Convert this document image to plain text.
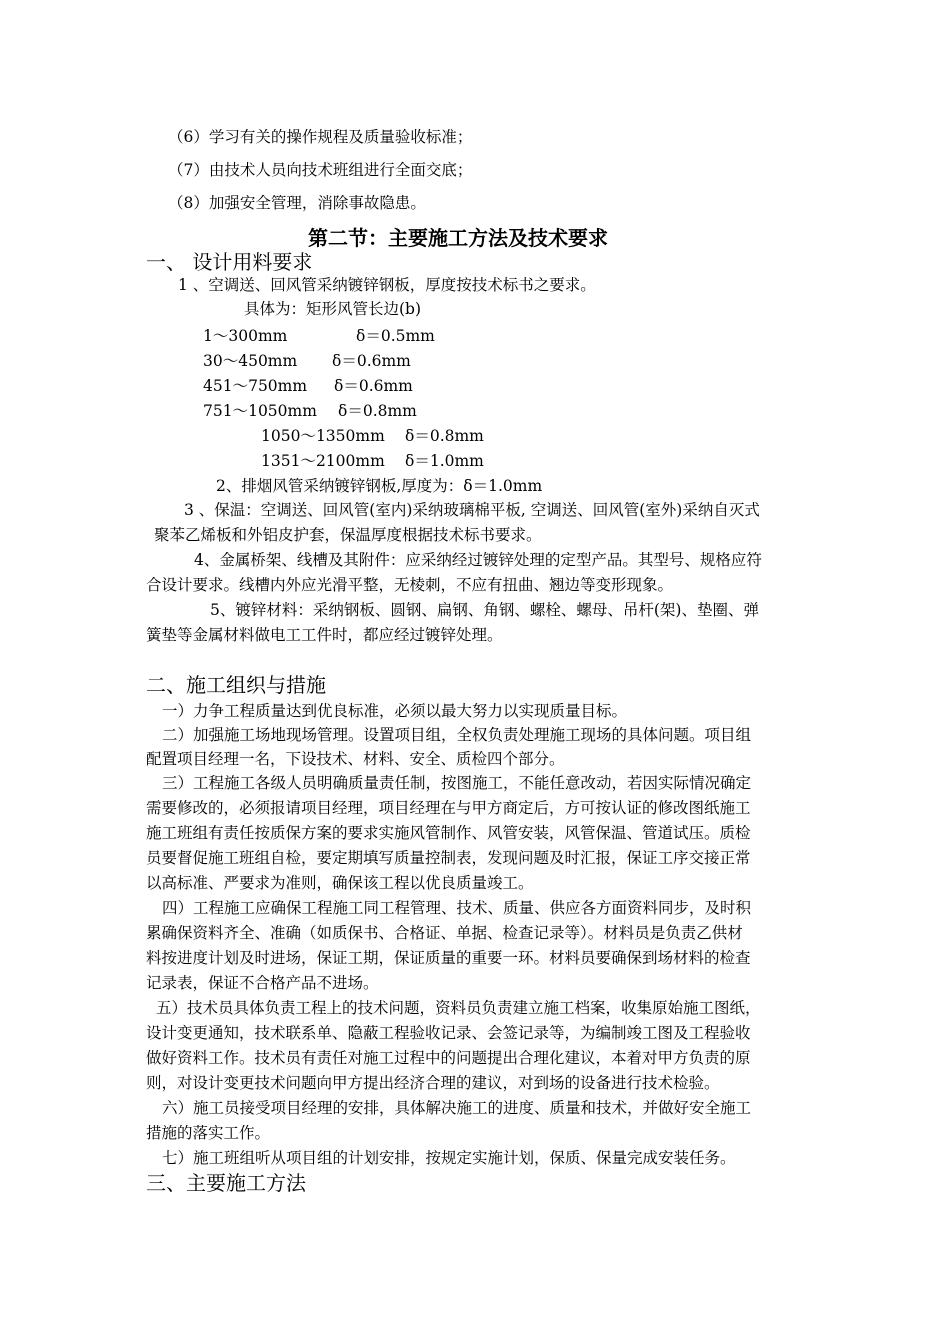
（6）学习有关的操作规程及质量验收标准；
（7）由技术人员向技术班组进行全面交底；
（8）加强安全管理，消除事故隐患。
第二节：主要施工方法及技术要求
一、 设计用料要求
1 、空调送、回风管采纳镀锌钢板，厚度按技术标书之要求。
具体为：矩形风管长边(b)
1～300mm	δ＝0.5mm
30～450mm δ＝0.6mm
451～750mm δ＝0.6mm
751～1050mm δ＝0.8mm
1050～1350mm δ＝0.8mm
1351～2100mm δ＝1.0mm
2、排烟风管采纳镀锌钢板,厚度为：δ＝1.0mm
3 、保温：空调送、回风管(室内)采纳玻璃棉平板, 空调送、回风管(室外)采纳自灭式
聚苯乙烯板和外铝皮护套，保温厚度根据技术标书要求。
4、金属桥架、线槽及其附件：应采纳经过镀锌处理的定型产品。其型号、规格应符
合设计要求。线槽内外应光滑平整，无棱刺，不应有扭曲、翘边等变形现象。
5、镀锌材料：采纳钢板、圆钢、扁钢、角钢、螺栓、螺母、吊杆(架)、垫圈、弹
簧垫等金属材料做电工工件时，都应经过镀锌处理。
二、施工组织与措施
一）力争工程质量达到优良标准，必须以最大努力以实现质量目标。
二）加强施工场地现场管理。设置项目组，全权负责处理施工现场的具体问题。项目组
配置项目经理一名，下设技术、材料、安全、质检四个部分。
三）工程施工各级人员明确质量责任制，按图施工，不能任意改动，若因实际情况确定
需要修改的，必须报请项目经理，项目经理在与甲方商定后，方可按认证的修改图纸施工
施工班组有责任按质保方案的要求实施风管制作、风管安装，风管保温、管道试压。质检
员要督促施工班组自检，要定期填写质量控制表，发现问题及时汇报，保证工序交接正常
以高标准、严要求为准则，确保该工程以优良质量竣工。
四）工程施工应确保工程施工同工程管理、技术、质量、供应各方面资料同步，及时积
累确保资料齐全、准确（如质保书、合格证、单据、检查记录等）。材料员是负责乙供材
料按进度计划及时进场，保证工期，保证质量的重要一环。材料员要确保到场材料的检查
记录表，保证不合格产品不进场。
五）技术员具体负责工程上的技术问题，资料员负责建立施工档案，收集原始施工图纸，
设计变更通知，技术联系单、隐蔽工程验收记录、会签记录等，为编制竣工图及工程验收
做好资料工作。技术员有责任对施工过程中的问题提出合理化建议，本着对甲方负责的原
则，对设计变更技术问题向甲方提出经济合理的建议，对到场的设备进行技术检验。
六）施工员接受项目经理的安排，具体解决施工的进度、质量和技术，并做好安全施工
措施的落实工作。
七）施工班组听从项目组的计划安排，按规定实施计划，保质、保量完成安装任务。
三、主要施工方法
